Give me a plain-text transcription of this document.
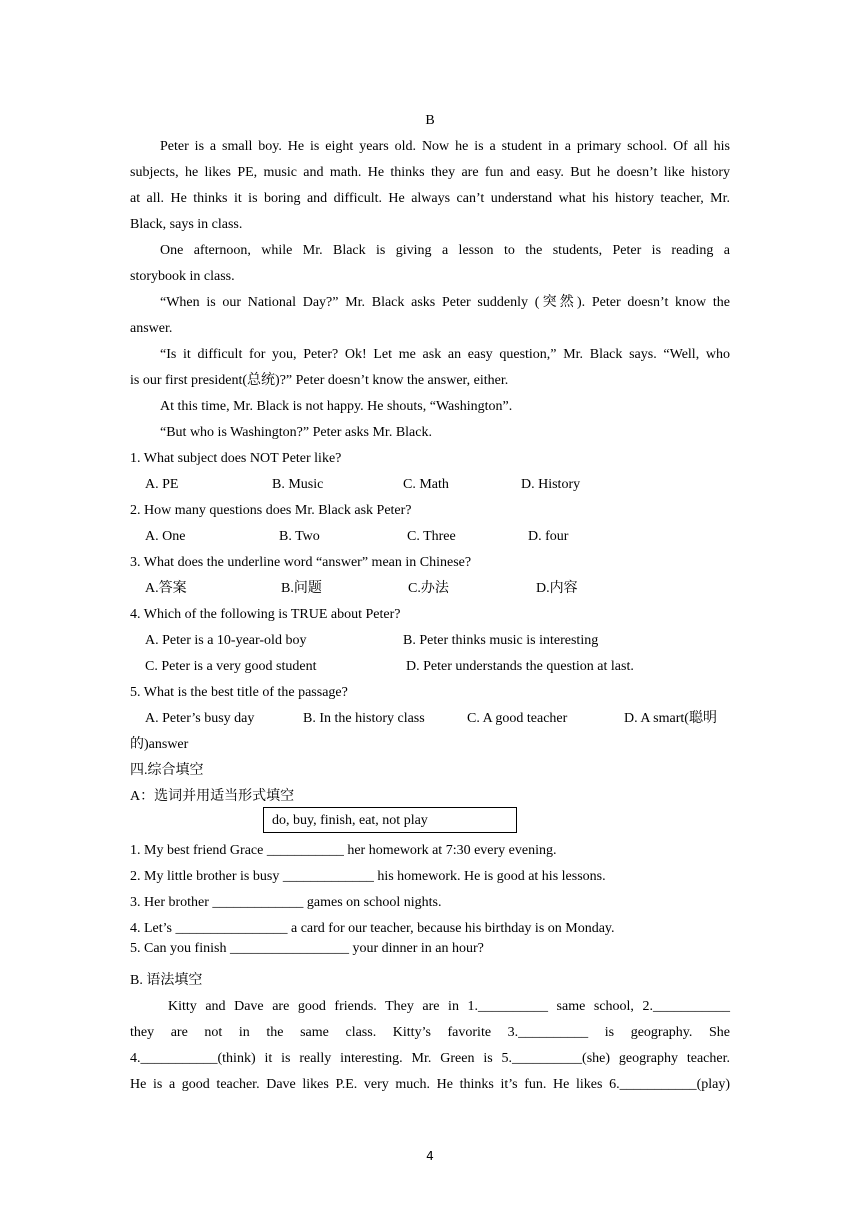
B
Peter is a small boy. He is eight years old. Now he is a student in a primary school. Of all his
subjects, he likes PE, music and math. He thinks they are fun and easy. But he doesn’t like history
at all. He thinks it is boring and difficult. He always can’t understand what his history teacher, Mr.
Black, says in class.
One afternoon, while Mr. Black is giving a lesson to the students, Peter is reading a
storybook in class.
“When is our National Day?” Mr. Black asks Peter suddenly (突然). Peter doesn’t know the
answer.
“Is it difficult for you, Peter? Ok! Let me ask an easy question,” Mr. Black says. “Well, who
is our first president(总统)?” Peter doesn’t know the answer, either.
At this time, Mr. Black is not happy. He shouts, “Washington”.
“But who is Washington?” Peter asks Mr. Black.
1. What subject does NOT Peter like?
A. PE	B. Music	C. Math	D. History
2. How many questions does Mr. Black ask Peter?
A. One	B. Two	C. Three	D. four
3. What does the underline word “answer” mean in Chinese?
A.答案	B.问题	C.办法	D.内容
4. Which of the following is TRUE about Peter?
A. Peter is a 10-year-old boy	B. Peter thinks music is interesting
C. Peter is a very good student	D. Peter understands the question at last.
5. What is the best title of the passage?
A. Peter’s busy day	B. In the history class	C. A good teacher	D. A smart(聪明
的)answer
四.综合填空
A：选词并用适当形式填空
do, buy, finish, eat, not play
1. My best friend Grace ___________ her homework at 7:30 every evening.
2. My little brother is busy _____________ his homework. He is good at his lessons.
3. Her brother _____________ games on school nights.
4. Let’s ________________ a card for our teacher, because his birthday is on Monday.
5. Can you finish _________________ your dinner in an hour?
B. 语法填空
Kitty and Dave are good friends. They are in 1.__________ same school, 2.___________
they are not in the same class. Kitty’s favorite 3.__________ is geography. She
4.___________(think) it is really interesting. Mr. Green is 5.__________(she) geography teacher.
He is a good teacher. Dave likes P.E. very much. He thinks it’s fun. He likes 6.___________(play)
4
